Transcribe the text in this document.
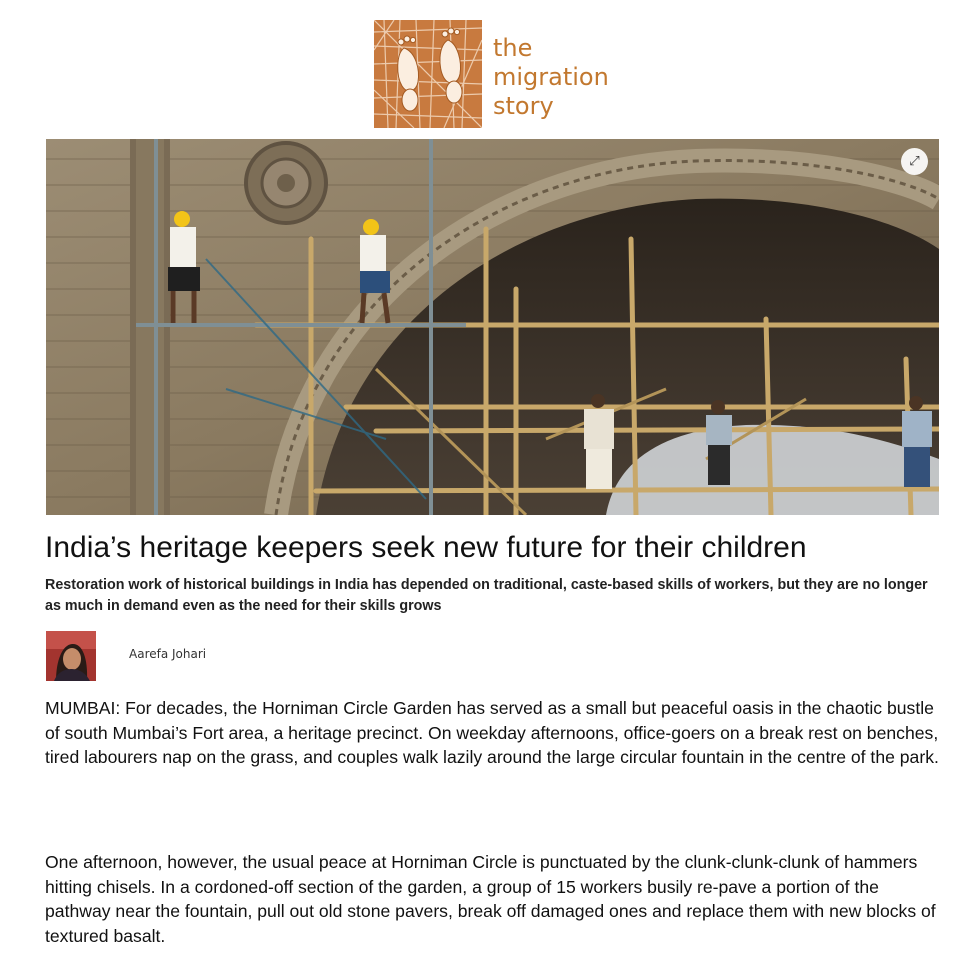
the
migration
story
⤢
India’s heritage keepers seek new future for their children
Restoration work of historical buildings in India has depended on traditional, caste-based skills of workers, but they are no longer as much in demand even as the need for their skills grows
Aarefa Johari

MUMBAI: For decades, the Horniman Circle Garden has served as a small but peaceful oasis in the chaotic bustle of south Mumbai’s Fort area, a heritage precinct. On weekday afternoons, office-goers on a break rest on benches, tired labourers nap on the grass, and couples walk lazily around the large circular fountain in the centre of the park.

One afternoon, however, the usual peace at Horniman Circle is punctuated by the clunk-clunk-clunk of hammers hitting chisels. In a cordoned-off section of the garden, a group of 15 workers busily re-pave a portion of the pathway near the fountain, pull out old stone pavers, break off damaged ones and replace them with new blocks of textured basalt.
